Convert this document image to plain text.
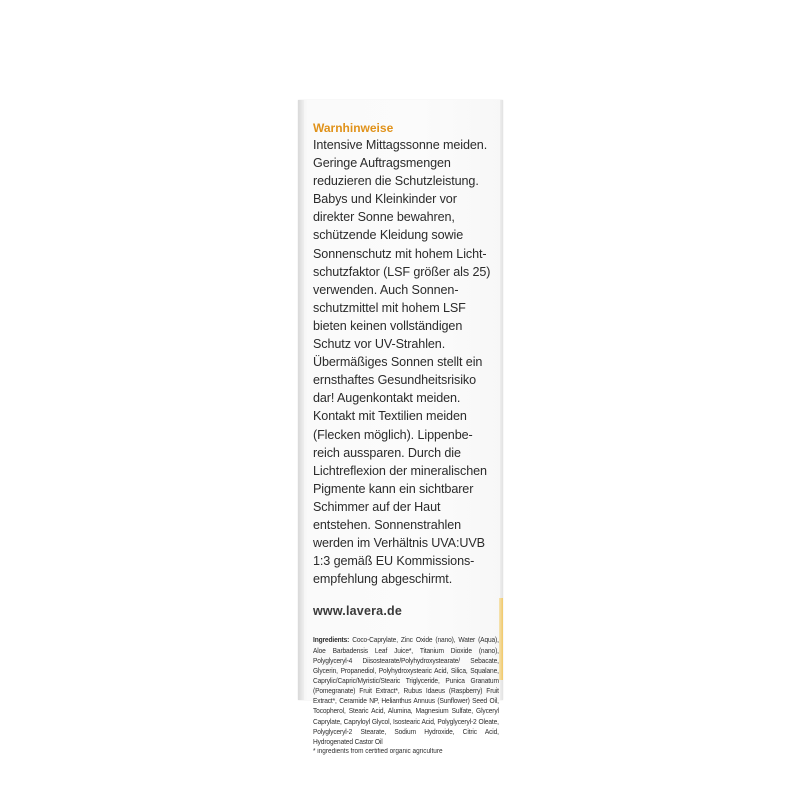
Warnhinweise

Intensive Mittagssonne meiden.
Geringe Auftragsmengen
reduzieren die Schutzleistung.
Babys und Kleinkinder vor
direkter Sonne bewahren,
schützende Kleidung sowie
Sonnenschutz mit hohem Licht-
schutzfaktor (LSF größer als 25)
verwenden. Auch Sonnen-
schutzmittel mit hohem LSF
bieten keinen vollständigen
Schutz vor UV-Strahlen.
Übermäßiges Sonnen stellt ein
ernsthaftes Gesundheitsrisiko
dar! Augenkontakt meiden.
Kontakt mit Textilien meiden
(Flecken möglich). Lippenbe-
reich aussparen. Durch die
Lichtreflexion der mineralischen
Pigmente kann ein sichtbarer
Schimmer auf der Haut
entstehen. Sonnenstrahlen
werden im Verhältnis UVA:UVB
1:3 gemäß EU Kommissions-
empfehlung abgeschirmt.

www.lavera.de
Ingredients: Coco-Caprylate, Zinc Oxide (nano), Water (Aqua), Aloe Barbadensis Leaf Juice*, Titanium Dioxide (nano), Polyglyceryl-4 Diisostearate/Polyhydroxystearate/ Sebacate, Glycerin, Propanediol, Polyhydroxystearic Acid, Silica, Squalane, Caprylic/Capric/Myristic/Stearic Triglyceride, Punica Granatum (Pomegranate) Fruit Extract*, Rubus Idaeus (Raspberry) Fruit Extract*, Ceramide NP, Helianthus Annuus (Sunflower) Seed Oil, Tocopherol, Stearic Acid, Alumina, Magnesium Sulfate, Glyceryl Caprylate, Capryloyl Glycol, Isostearic Acid, Polyglyceryl-2 Oleate, Polyglyceryl-2 Stearate, Sodium Hydroxide, Citric Acid, Hydrogenated Castor Oil
* ingredients from certified organic agriculture
